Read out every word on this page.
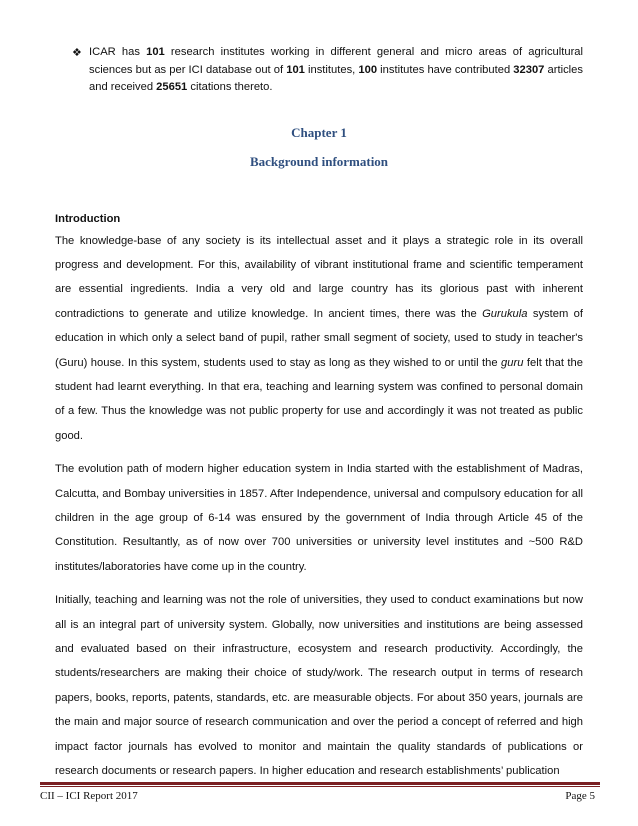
❖ ICAR has 101 research institutes working in different general and micro areas of agricultural sciences but as per ICI database out of 101 institutes, 100 institutes have contributed 32307 articles and received 25651 citations thereto.
Chapter 1
Background information
Introduction

The knowledge-base of any society is its intellectual asset and it plays a strategic role in its overall progress and development. For this, availability of vibrant institutional frame and scientific temperament are essential ingredients. India a very old and large country has its glorious past with inherent contradictions to generate and utilize knowledge. In ancient times, there was the Gurukula system of education in which only a select band of pupil, rather small segment of society, used to study in teacher's (Guru) house. In this system, students used to stay as long as they wished to or until the guru felt that the student had learnt everything. In that era, teaching and learning system was confined to personal domain of a few. Thus the knowledge was not public property for use and accordingly it was not treated as public good.

The evolution path of modern higher education system in India started with the establishment of Madras, Calcutta, and Bombay universities in 1857. After Independence, universal and compulsory education for all children in the age group of 6-14 was ensured by the government of India through Article 45 of the Constitution. Resultantly, as of now over 700 universities or university level institutes and ~500 R&D institutes/laboratories have come up in the country.

Initially, teaching and learning was not the role of universities, they used to conduct examinations but now all is an integral part of university system. Globally, now universities and institutions are being assessed and evaluated based on their infrastructure, ecosystem and research productivity. Accordingly, the students/researchers are making their choice of study/work. The research output in terms of research papers, books, reports, patents, standards, etc. are measurable objects. For about 350 years, journals are the main and major source of research communication and over the period a concept of referred and high impact factor journals has evolved to monitor and maintain the quality standards of publications or research documents or research papers. In higher education and research establishments’ publication

CII – ICI Report 2017	Page 5
